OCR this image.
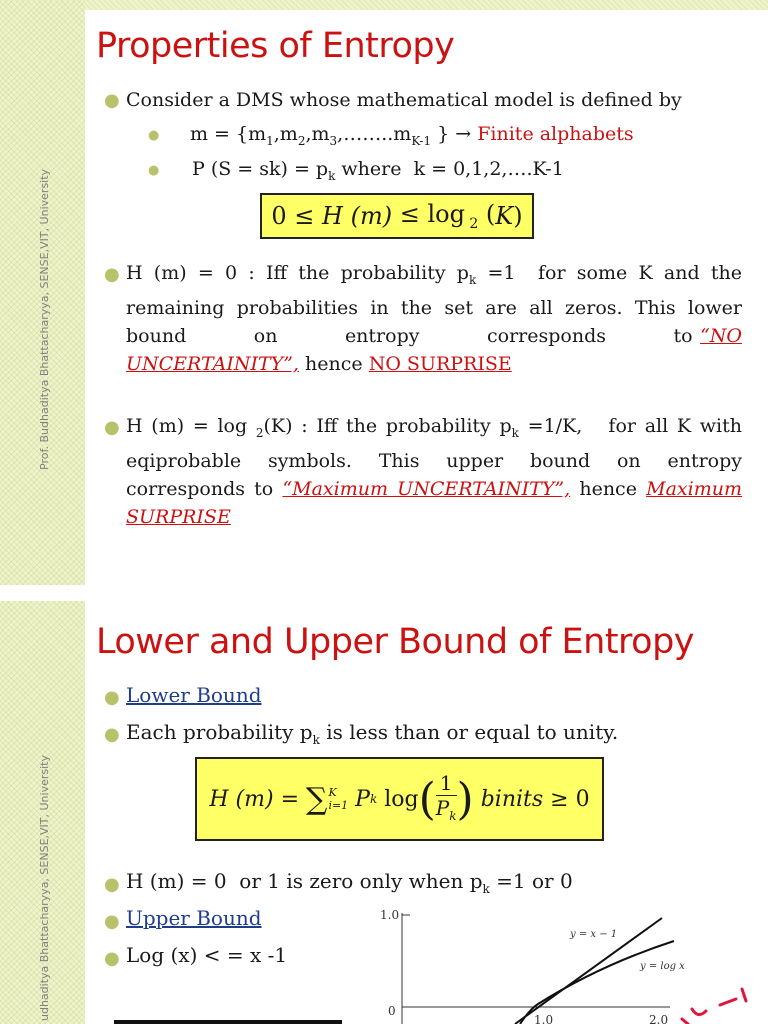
Properties of Entropy
● Consider a DMS whose mathematical model is defined by
● $m = \{m_1,m_2,m_3,\dots\dots..m_{K-1}$ } → Finite alphabets
● P $(S = sk) = p_k$ where  k = 0,1,2,….K-1
0 ≤ H (m) ≤ log $_2$ ( K )
● H (m) = 0 : Iff the probability $p_k =1$  for some K and the remaining probabilities in the set are all zeros. This lower bound         on         entropy         corresponds         to “NO UNCERTAINITY”, hence NO SURPRISE
● H (m) = log $_2$(K) : Iff the probability $p_k =1/K$,   for all K with eqiprobable symbols. This upper bound on entropy corresponds to “Maximum UNCERTAINITY”, hence Maximum SURPRISE
Lower and Upper Bound of Entropy
● Lower Bound
● Each probability $p_k$ is less than or equal to unity.
H (m) = ∑ K
i=1 P k
log ( 1
$P_k$ ) binits ≥ 0
● H (m) = 0  or 1 is zero only when $p_k =1$ or 0
● Upper Bound
● Log (x) < = x -1
1.0
0
1.0	2.0
y = x − 1
y = log x
